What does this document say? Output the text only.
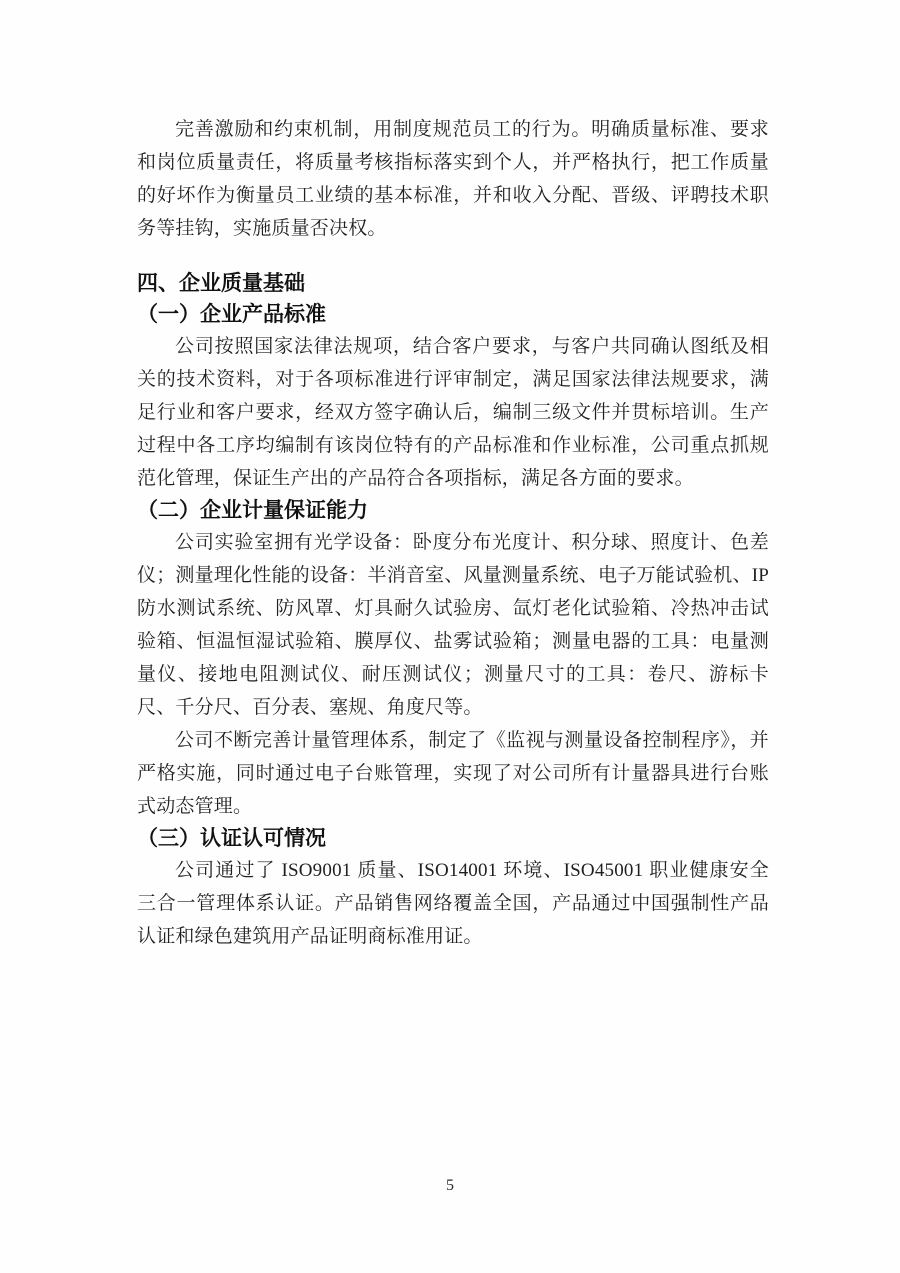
完善激励和约束机制，用制度规范员工的行为。明确质量标准、要求和岗位质量责任，将质量考核指标落实到个人，并严格执行，把工作质量的好坏作为衡量员工业绩的基本标准，并和收入分配、晋级、评聘技术职务等挂钩，实施质量否决权。

四、企业质量基础
（一）企业产品标准

公司按照国家法律法规项，结合客户要求，与客户共同确认图纸及相关的技术资料，对于各项标准进行评审制定，满足国家法律法规要求，满足行业和客户要求，经双方签字确认后，编制三级文件并贯标培训。生产过程中各工序均编制有该岗位特有的产品标准和作业标准，公司重点抓规范化管理，保证生产出的产品符合各项指标，满足各方面的要求。

（二）企业计量保证能力

公司实验室拥有光学设备：卧度分布光度计、积分球、照度计、色差仪；测量理化性能的设备：半消音室、风量测量系统、电子万能试验机、IP 防水测试系统、防风罩、灯具耐久试验房、氙灯老化试验箱、冷热冲击试验箱、恒温恒湿试验箱、膜厚仪、盐雾试验箱；测量电器的工具：电量测量仪、接地电阻测试仪、耐压测试仪；测量尺寸的工具：卷尺、游标卡尺、千分尺、百分表、塞规、角度尺等。

公司不断完善计量管理体系，制定了《监视与测量设备控制程序》，并严格实施，同时通过电子台账管理，实现了对公司所有计量器具进行台账式动态管理。

（三）认证认可情况

公司通过了 ISO9001 质量、ISO14001 环境、ISO45001 职业健康安全三合一管理体系认证。产品销售网络覆盖全国，产品通过中国强制性产品认证和绿色建筑用产品证明商标准用证。

5
